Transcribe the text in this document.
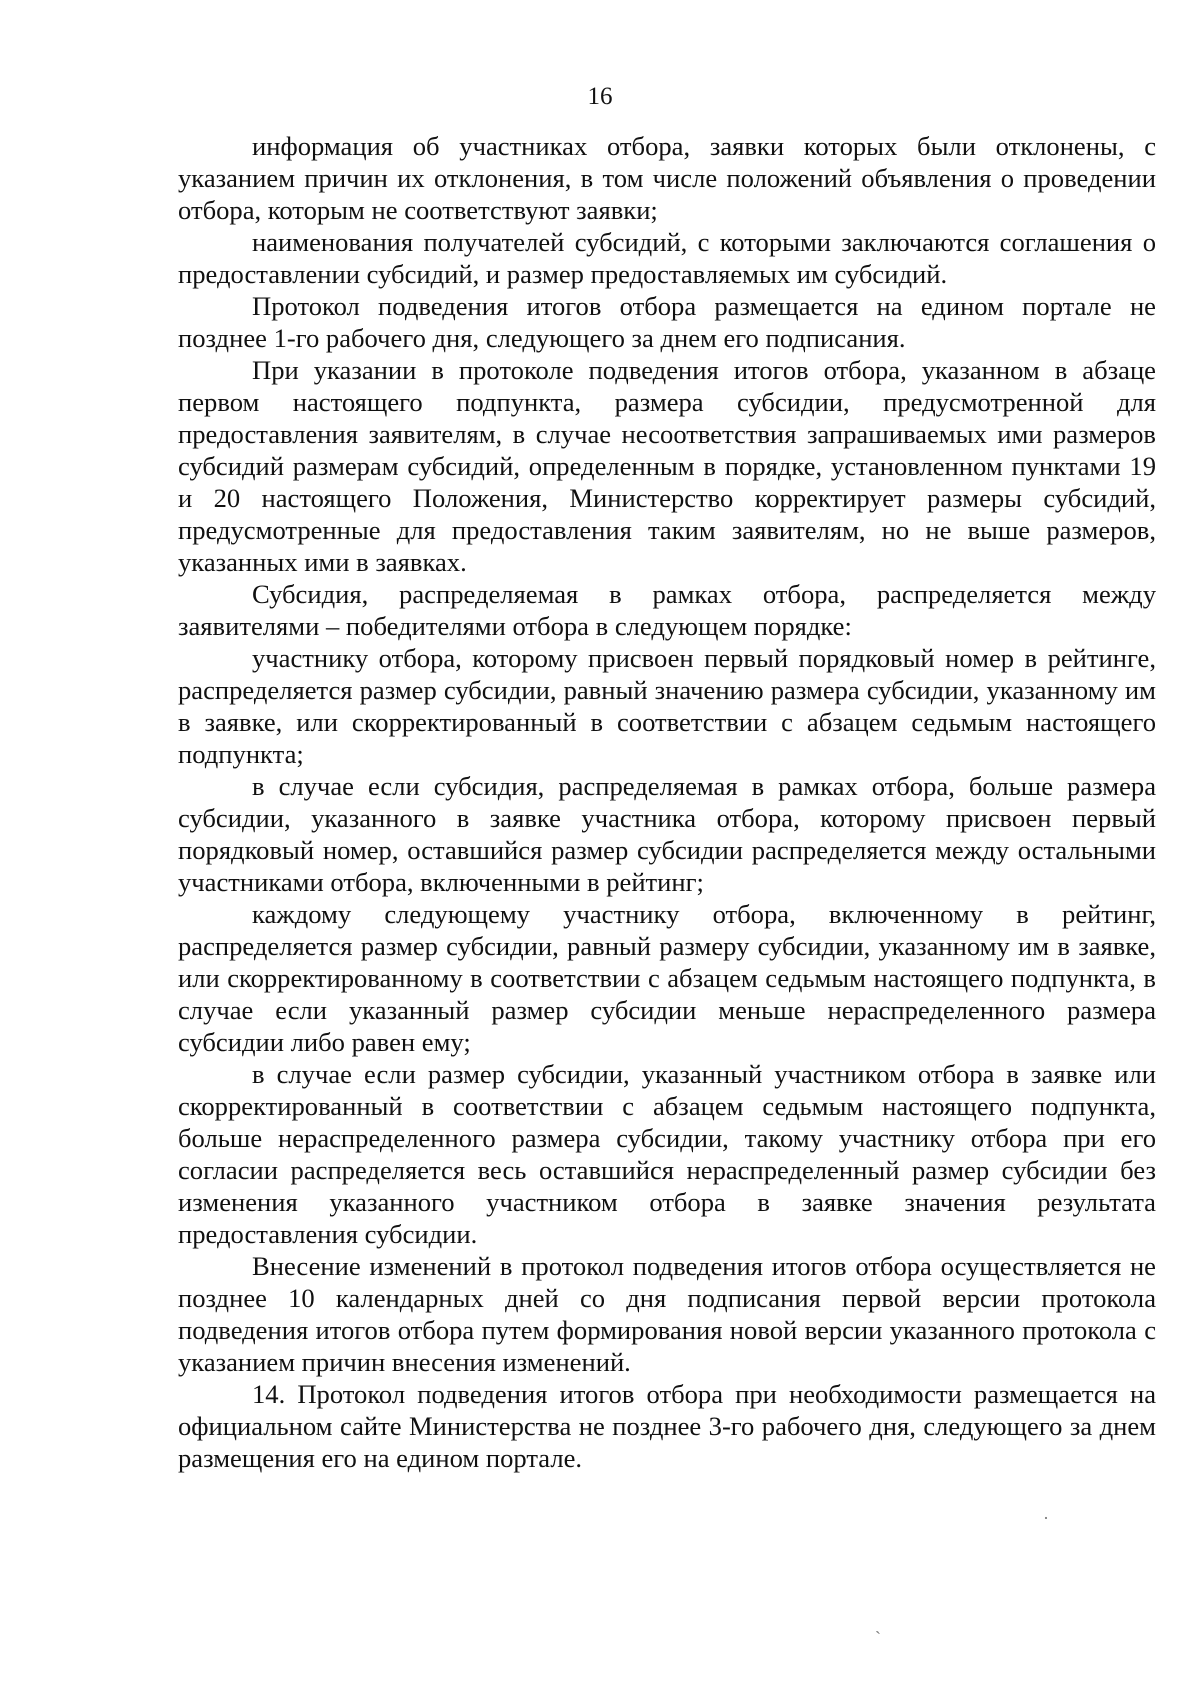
16

информация об участниках отбора, заявки которых были отклонены, с указанием причин их отклонения, в том числе положений объявления о проведении отбора, которым не соответствуют заявки;

наименования получателей субсидий, с которыми заключаются соглашения о предоставлении субсидий, и размер предоставляемых им субсидий.

Протокол подведения итогов отбора размещается на едином портале не позднее 1-го рабочего дня, следующего за днем его подписания.

При указании в протоколе подведения итогов отбора, указанном в абзаце первом настоящего подпункта, размера субсидии, предусмотренной для предоставления заявителям, в случае несоответствия запрашиваемых ими размеров субсидий размерам субсидий, определенным в порядке, установленном пунктами 19 и 20 настоящего Положения, Министерство корректирует размеры субсидий, предусмотренные для предоставления таким заявителям, но не выше размеров, указанных ими в заявках.

Субсидия, распределяемая в рамках отбора, распределяется между заявителями – победителями отбора в следующем порядке:

участнику отбора, которому присвоен первый порядковый номер в рейтинге, распределяется размер субсидии, равный значению размера субсидии, указанному им в заявке, или скорректированный в соответствии с абзацем седьмым настоящего подпункта;

в случае если субсидия, распределяемая в рамках отбора, больше размера субсидии, указанного в заявке участника отбора, которому присвоен первый порядковый номер, оставшийся размер субсидии распределяется между остальными участниками отбора, включенными в рейтинг;

каждому следующему участнику отбора, включенному в рейтинг, распределяется размер субсидии, равный размеру субсидии, указанному им в заявке, или скорректированному в соответствии с абзацем седьмым настоящего подпункта, в случае если указанный размер субсидии меньше нераспределенного размера субсидии либо равен ему;

в случае если размер субсидии, указанный участником отбора в заявке или скорректированный в соответствии с абзацем седьмым настоящего подпункта, больше нераспределенного размера субсидии, такому участнику отбора при его согласии распределяется весь оставшийся нераспределенный размер субсидии без изменения указанного участником отбора в заявке значения результата предоставления субсидии.

Внесение изменений в протокол подведения итогов отбора осуществляется не позднее 10 календарных дней со дня подписания первой версии протокола подведения итогов отбора путем формирования новой версии указанного протокола с указанием причин внесения изменений.

14. Протокол подведения итогов отбора при необходимости размещается на официальном сайте Министерства не позднее 3-го рабочего дня, следующего за днем размещения его на едином портале.

·
ˏ
